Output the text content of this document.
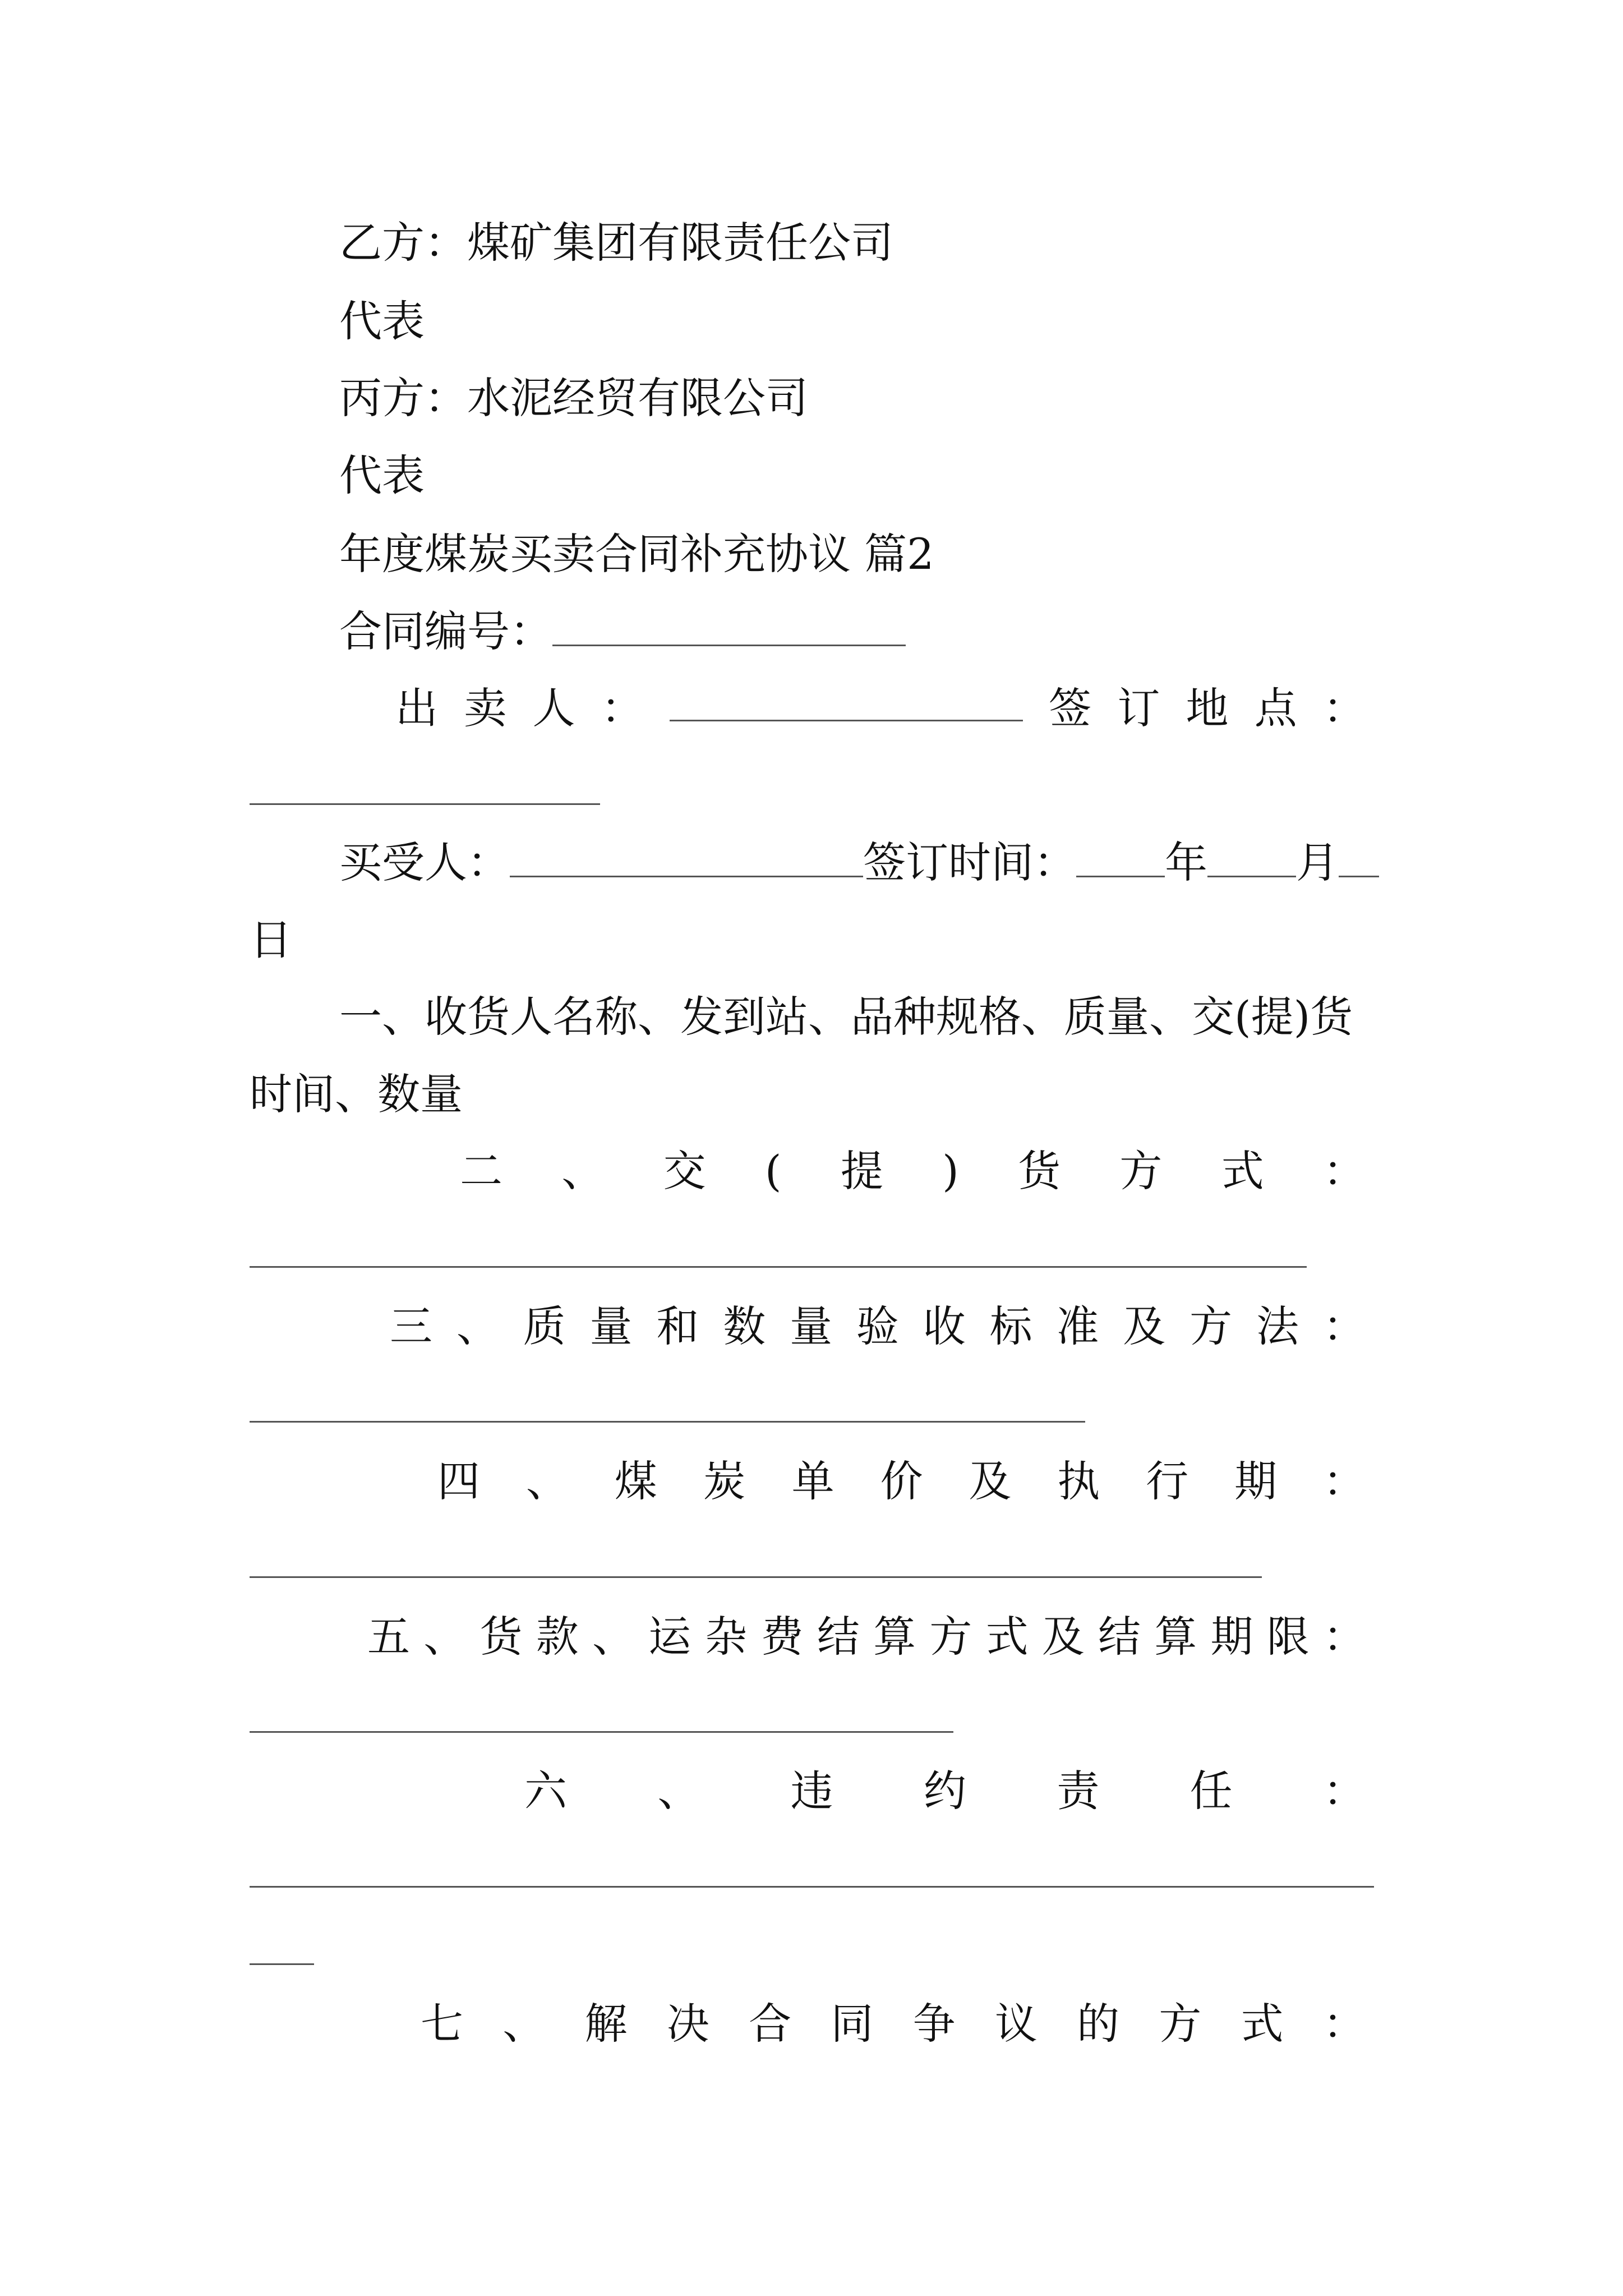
乙方：煤矿集团有限责任公司
代表
丙方：水泥经贸有限公司
代表
年度煤炭买卖合同补充协议 篇2
合同编号：
出 卖 人 ：	签 订 地 点 ：
买受人：	签订时间： 年 月
日
一、收货人名称、发到站、品种规格、质量、交(提)货
时间、数量
二 、 交 ( 提 ) 货 方 式 ：
三 、 质 量 和 数 量 验 收 标 准 及 方 法 ：
四 、 煤 炭 单 价 及 执 行 期 ：
五 、 货 款 、 运 杂 费 结 算 方 式 及 结 算 期 限 ：
六 、 违 约 责 任 ：
七 、 解 决 合 同 争 议 的 方 式 ：
